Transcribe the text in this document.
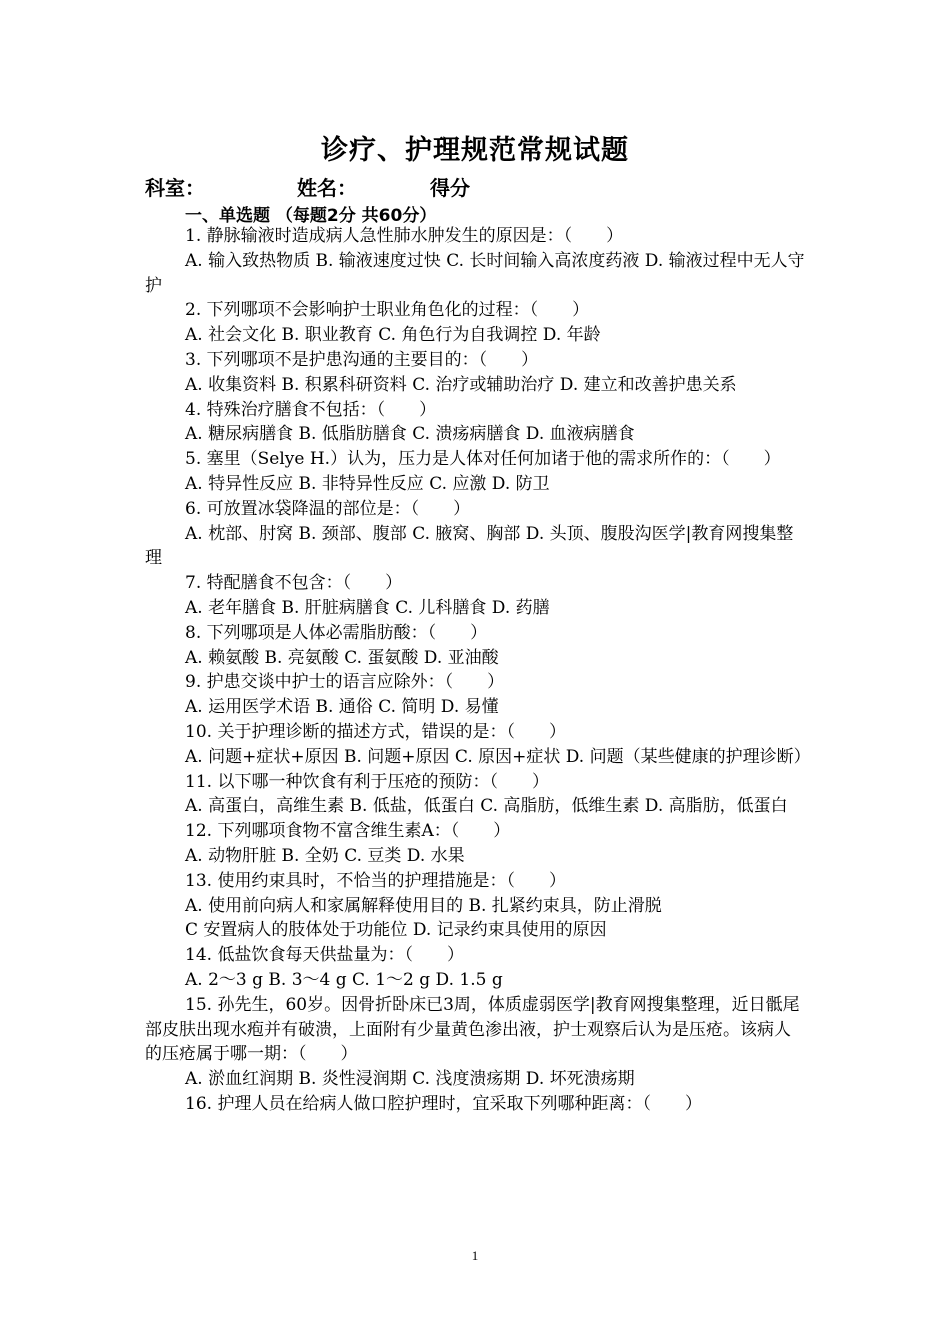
诊疗、护理规范常规试题
科室：	姓名：	得分
一、单选题 （每题2分 共60分）
1. 静脉输液时造成病人急性肺水肿发生的原因是：（　　）
A. 输入致热物质 B. 输液速度过快 C. 长时间输入高浓度药液 D. 输液过程中无人守护
2. 下列哪项不会影响护士职业角色化的过程：（　　）
A. 社会文化 B. 职业教育 C. 角色行为自我调控 D. 年龄
3. 下列哪项不是护患沟通的主要目的：（　　）
A. 收集资料 B. 积累科研资料 C. 治疗或辅助治疗 D. 建立和改善护患关系
4. 特殊治疗膳食不包括：（　　）
A. 糖尿病膳食 B. 低脂肪膳食 C. 溃疡病膳食 D. 血液病膳食
5. 塞里（Selye H.）认为，压力是人体对任何加诸于他的需求所作的：（　　）
A. 特异性反应 B. 非特异性反应 C. 应激 D. 防卫
6. 可放置冰袋降温的部位是：（　　）
A. 枕部、肘窝 B. 颈部、腹部 C. 腋窝、胸部 D. 头顶、腹股沟医学|教育网搜集整理
7. 特配膳食不包含：（　　）
A. 老年膳食 B. 肝脏病膳食 C. 儿科膳食 D. 药膳
8. 下列哪项是人体必需脂肪酸：（　　）
A. 赖氨酸 B. 亮氨酸 C. 蛋氨酸 D. 亚油酸
9. 护患交谈中护士的语言应除外：（　　）
A. 运用医学术语 B. 通俗 C. 简明 D. 易懂
10. 关于护理诊断的描述方式，错误的是：（　　）
A. 问题+症状+原因 B. 问题+原因 C. 原因+症状 D. 问题（某些健康的护理诊断）
11. 以下哪一种饮食有利于压疮的预防：（　　）
A. 高蛋白，高维生素 B. 低盐，低蛋白 C. 高脂肪，低维生素 D. 高脂肪，低蛋白
12. 下列哪项食物不富含维生素A：（　　）
A. 动物肝脏 B. 全奶 C. 豆类 D. 水果
13. 使用约束具时，不恰当的护理措施是：（　　）
A. 使用前向病人和家属解释使用目的 B. 扎紧约束具，防止滑脱
C 安置病人的肢体处于功能位 D. 记录约束具使用的原因
14. 低盐饮食每天供盐量为：（　　）
A. 2～3 g B. 3～4 g C. 1～2 g D. 1.5 g
15. 孙先生，60岁。因骨折卧床已3周，体质虚弱医学|教育网搜集整理，近日骶尾部皮肤出现水疱并有破溃，上面附有少量黄色渗出液，护士观察后认为是压疮。该病人的压疮属于哪一期：（　　）
A. 淤血红润期 B. 炎性浸润期 C. 浅度溃疡期 D. 坏死溃疡期
16. 护理人员在给病人做口腔护理时，宜采取下列哪种距离：（　　）
1
